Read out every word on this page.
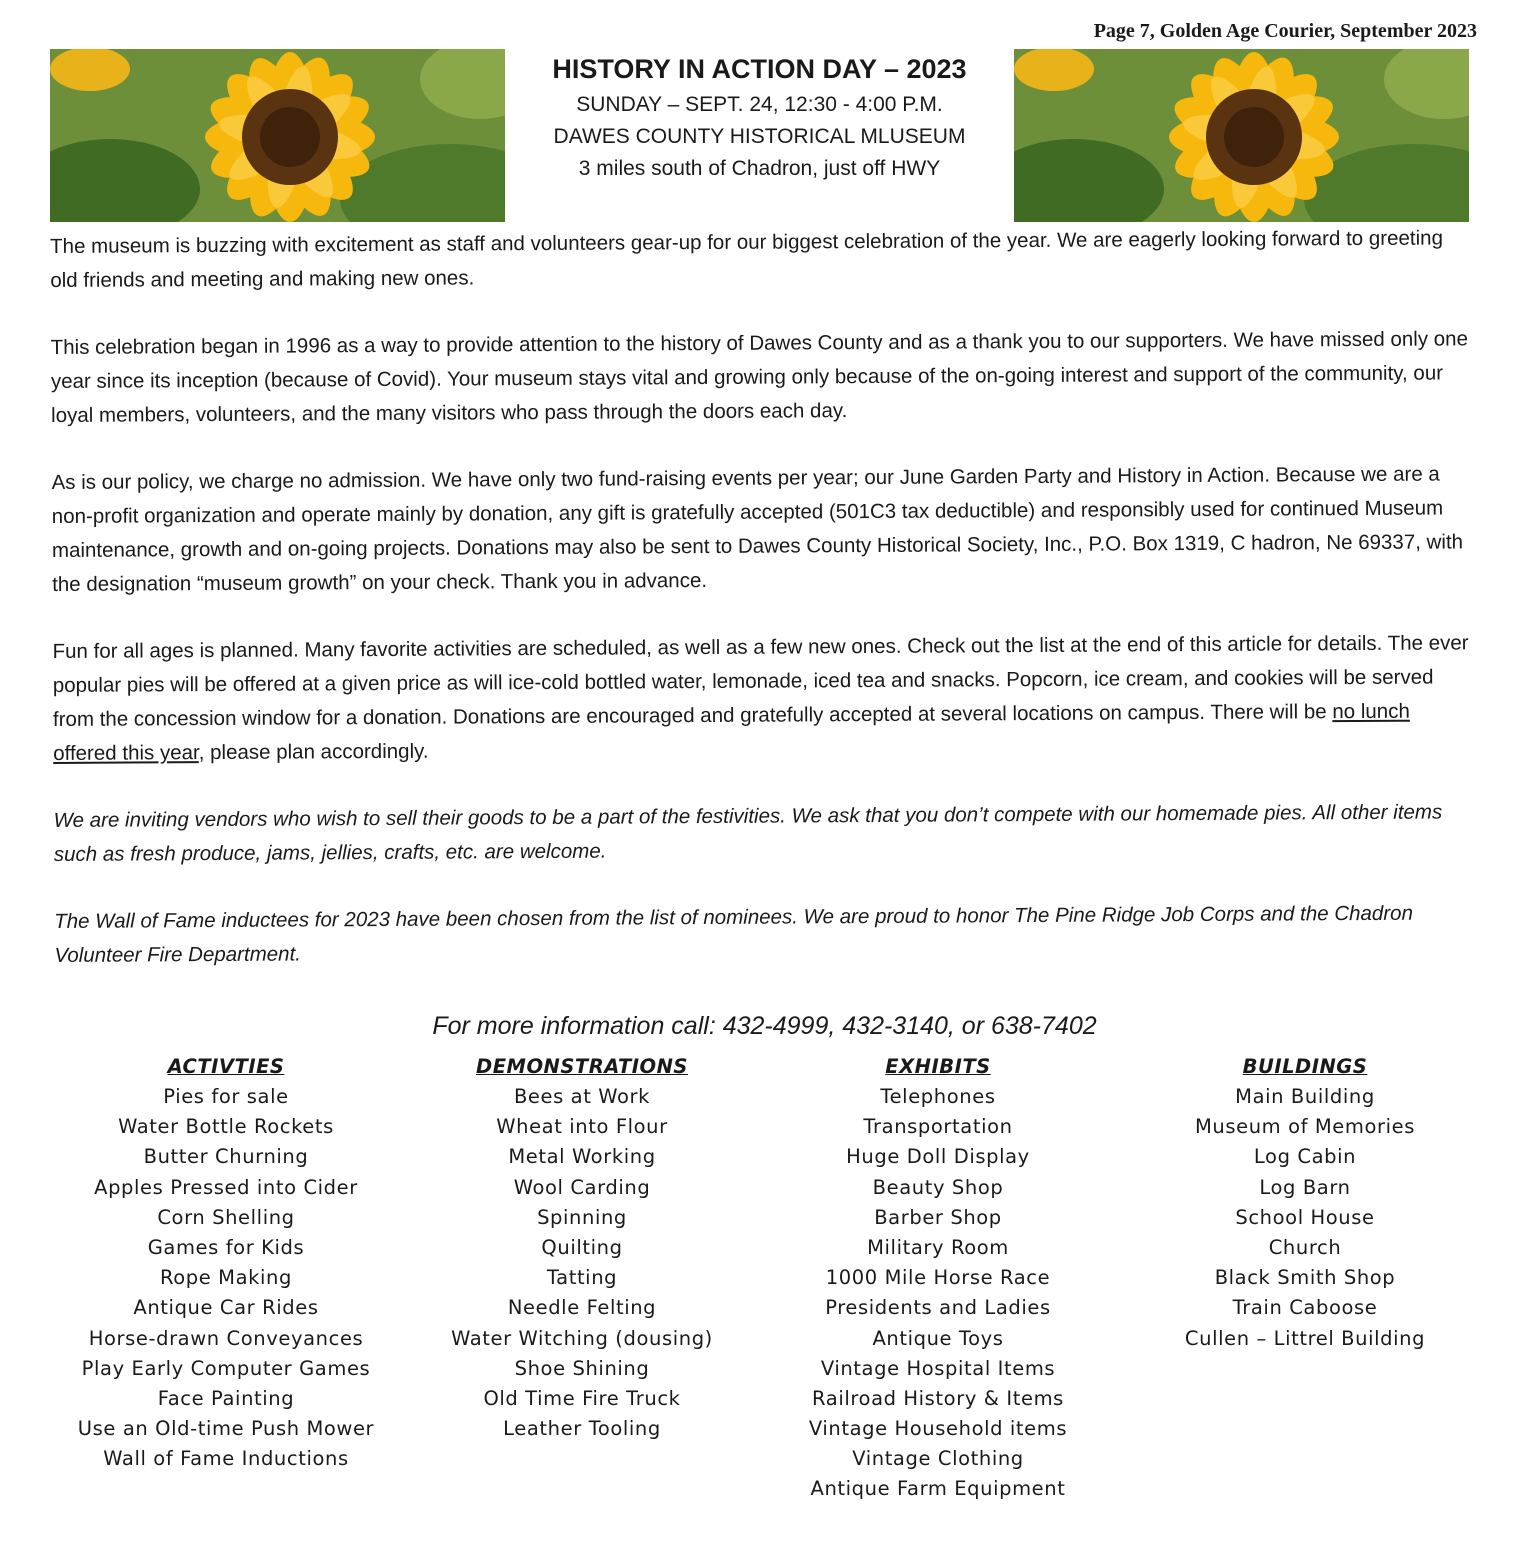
Page 7, Golden Age Courier, September 2023
HISTORY IN ACTION DAY – 2023
SUNDAY – SEPT. 24, 12:30 - 4:00 P.M.
DAWES COUNTY HISTORICAL MLUSEUM
3 miles south of Chadron, just off HWY

The museum is buzzing with excitement as staff and volunteers gear-up for our biggest celebration of the year. We are eagerly looking forward to greeting old friends and meeting and making new ones.

This celebration began in 1996 as a way to provide attention to the history of Dawes County and as a thank you to our supporters. We have missed only one year since its inception (because of Covid). Your museum stays vital and growing only because of the on-going interest and support of the community, our loyal members, volunteers, and the many visitors who pass through the doors each day.

As is our policy, we charge no admission. We have only two fund-raising events per year; our June Garden Party and History in Action. Because we are a non-profit organization and operate mainly by donation, any gift is gratefully accepted (501C3 tax deductible) and responsibly used for continued Museum maintenance, growth and on-going projects. Donations may also be sent to Dawes County Historical Society, Inc., P.O. Box 1319, C hadron, Ne 69337, with the designation “museum growth” on your check. Thank you in advance.

Fun for all ages is planned. Many favorite activities are scheduled, as well as a few new ones. Check out the list at the end of this article for details. The ever popular pies will be offered at a given price as will ice-cold bottled water, lemonade, iced tea and snacks. Popcorn, ice cream, and cookies will be served from the concession window for a donation. Donations are encouraged and gratefully accepted at several locations on campus. There will be no lunch offered this year, please plan accordingly.

We are inviting vendors who wish to sell their goods to be a part of the festivities. We ask that you don’t compete with our homemade pies. All other items such as fresh produce, jams, jellies, crafts, etc. are welcome.

The Wall of Fame inductees for 2023 have been chosen from the list of nominees. We are proud to honor The Pine Ridge Job Corps and the Chadron Volunteer Fire Department.

For more information call: 432-4999, 432-3140, or 638-7402
ACTIVTIES
Pies for sale
Water Bottle Rockets
Butter Churning
Apples Pressed into Cider
Corn Shelling
Games for Kids
Rope Making
Antique Car Rides
Horse-drawn Conveyances
Play Early Computer Games
Face Painting
Use an Old-time Push Mower
Wall of Fame Inductions
DEMONSTRATIONS
Bees at Work
Wheat into Flour
Metal Working
Wool Carding
Spinning
Quilting
Tatting
Needle Felting
Water Witching (dousing)
Shoe Shining
Old Time Fire Truck
Leather Tooling
EXHIBITS
Telephones
Transportation
Huge Doll Display
Beauty Shop
Barber Shop
Military Room
1000 Mile Horse Race
Presidents and Ladies
Antique Toys
Vintage Hospital Items
Railroad History & Items
Vintage Household items
Vintage Clothing
Antique Farm Equipment
BUILDINGS
Main Building
Museum of Memories
Log Cabin
Log Barn
School House
Church
Black Smith Shop
Train Caboose
Cullen – Littrel Building
